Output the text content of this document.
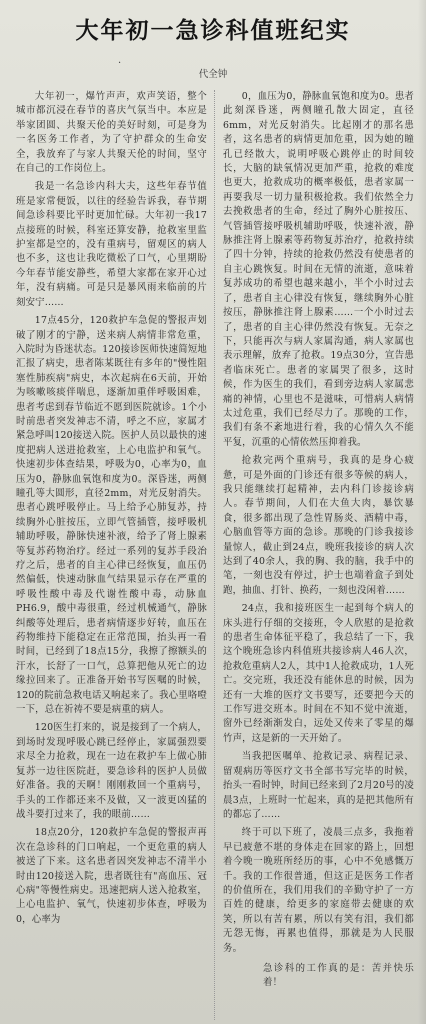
大年初一急诊科值班纪实
·
代全钟

大年初一，爆竹声声，欢声笑语，整个城市都沉浸在春节的喜庆气氛当中。本应是举家团圆、共聚天伦的美好时刻，可是身为一名医务工作者，为了守护群众的生命安全，我放弃了与家人共聚天伦的时间，坚守在自己的工作岗位上。

我是一名急诊内科大夫，这些年春节值班是家常便饭，以往的经验告诉我，春节期间急诊科要比平时更加忙碌。大年初一我17点接班的时候，科室还算安静，抢救室里监护室都是空的，没有重病号，留观区的病人也不多，这也让我吃微松了口气，心里期盼今年春节能安静些，希望大家都在家开心过年，没有病痛。可是只是暴风雨来临前的片刻安宁……

17点45分，120救护车急促的警报声划破了刚才的宁静，送来病人病情非常危重，入院时为昏迷状态。120接诊医师快速简短地汇报了病史，患者陈某既往有多年的"慢性阻塞性肺疾病"病史，本次起病在6天前，开始为咳嗽咳痰伴喘息，逐渐加重伴呼吸困难，患者考虑到春节临近不愿到医院就诊。1个小时前患者突发神志不清，呼之不应，家属才紧急呼叫120接送入院。医护人员以最快的速度把病人送进抢救室，上心电监护和氧气。快速初步体查结果，呼吸为0，心率为0，血压为0，静脉血氧饱和度为0。深昏迷，两侧瞳孔等大圆形，直径2mm，对光反射消失。患者心跳呼吸停止。马上给予心肺复苏，持续胸外心脏按压，立即气管插管，接呼吸机辅助呼吸，静脉快速补液，给予了肾上腺素等复苏药物治疗。经过一系列的复苏手段治疗之后，患者的自主心律已经恢复，血压仍然偏低，快速动脉血气结果显示存在严重的呼吸性酸中毒及代谢性酸中毒，动脉血PH6.9，酸中毒很重，经过机械通气，静脉纠酸等处理后，患者病情逐步好转，血压在药物维持下能稳定在正常范围，抬头再一看时间，已经到了18点15分，我擦了擦额头的汗水，长舒了一口气，总算把他从死亡的边缘拉回来了。正准备开始书写医嘱的时候，120的院前急救电话又响起来了。我心里咯噔一下，总在祈祷不要是病重的病人。

120医生打来的，说是接到了一个病人，到场时发现呼吸心跳已经停止，家属强烈要求尽全力抢救，现在一边在救护车上做心肺复苏一边往医院赶，要急诊科的医护人员做好准备。我的天啊！刚刚救回一个重病号，手头的工作都还来不及做，又一波更凶猛的战斗要打过来了，我的眼前……

18点20分，120救护车急促的警报声再次在急诊科的门口响起，一个更危重的病人被送了下来。这名患者因突发神志不清半小时由120接送入院，患者既往有"高血压、冠心病"等慢性病史。迅速把病人送入抢救室，上心电监护、氧气，快速初步体查，呼吸为0，心率为

0，血压为0，静脉血氧饱和度为0。患者此刻深昏迷，两侧瞳孔散大固定，直径6mm，对光反射消失。比起刚才的那名患者，这名患者的病情更加危重，因为她的瞳孔已经散大，说明呼吸心跳停止的时间较长，大脑的缺氧情况更加严重，抢救的难度也更大，抢救成功的概率极低，患者家属一再要我尽一切力量积极抢救。我们依然全力去挽救患者的生命，经过了胸外心脏按压、气管插管接呼吸机辅助呼吸，快速补液，静脉推注肾上腺素等药物复苏治疗，抢救持续了四十分钟，持续的抢救仍然没有使患者的自主心跳恢复。时间在无情的流逝，意味着复苏成功的希望也越来越小，半个小时过去了，患者自主心律没有恢复，继续胸外心脏按压，静脉推注肾上腺素……一个小时过去了，患者的自主心律仍然没有恢复。无奈之下，只能再次与病人家属沟通，病人家属也表示理解，放弃了抢救。19点30分，宣告患者临床死亡。患者的家属哭了很多，这时候，作为医生的我们，看到旁边病人家属悲痛的神情，心里也不是滋味，可惜病人病情太过危重，我们已经尽力了。那晚的工作，我们有条不紊地进行着，我的心情久久不能平复，沉重的心情依然压抑着我。

抢救完两个重病号，我真的是身心疲惫，可是外面的门诊还有很多等候的病人，我只能继续打起精神，去内科门诊接诊病人。春节期间，人们在大鱼大肉，暴饮暴食，很多都出现了急性胃肠炎、酒精中毒，心脑血管等方面的急诊。那晚的门诊我接诊量惊人，截止到24点，晚班我接诊的病人次达到了40余人，我的胸、我的脑，我手中的笔，一刻也没有停过，护士也端着盒子到处跑，抽血、打针、换药，一刻也没闲着……

24点，我和接班医生一起到每个病人的床头进行仔细的交接班，令人欣慰的是抢救的患者生命体征平稳了，我总结了一下，我这个晚班急诊内科值班共接诊病人46人次，抢救危重病人2人，其中1人抢救成功，1人死亡。交完班，我还没有能休息的时候，因为还有一大堆的医疗文书要写，还要把今天的工作写进交班本。时间在不知不觉中流逝，窗外已经渐渐发白，远处又传来了零星的爆竹声，这是新的一天开始了。

当我把医嘱单、抢救记录、病程记录、留观病历等医疗文书全部书写完毕的时候，抬头一看时钟，时间已经来到了2月20号的凌晨3点，上班时一忙起来，真的是把其他所有的都忘了……

终于可以下班了，凌晨三点多，我拖着早已疲惫不堪的身体走在回家的路上，回想着今晚一晚班所经历的事，心中不免感慨万千。我的工作很普通，但这正是医务工作者的价值所在，我们用我们的辛勤守护了一方百姓的健康，给更多的家庭带去健康的欢笑，所以有苦有累，所以有笑有泪，我们都无怨无悔，再累也值得，那就是为人民服务。

急诊科的工作真的是：苦并快乐着！
